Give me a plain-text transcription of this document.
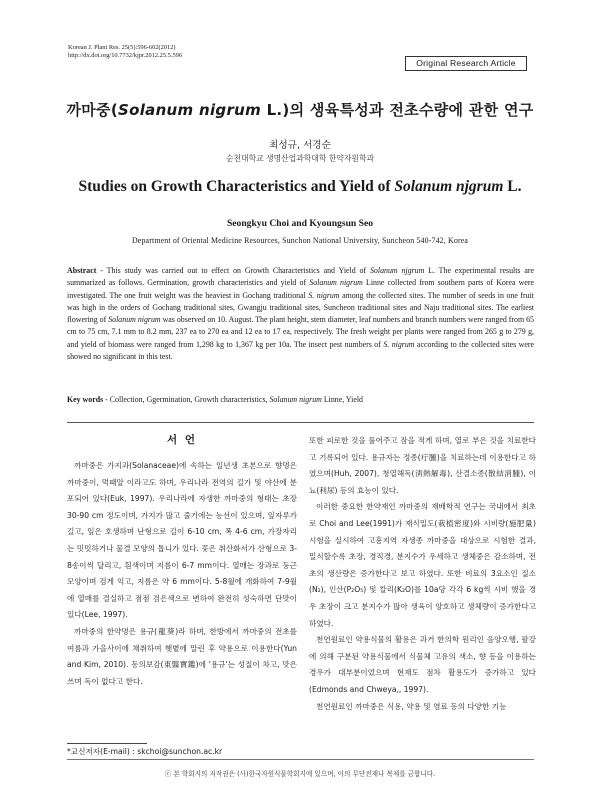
Korean J. Plant Res. 25(5):596-602(2012)
http://dx.doi.org/10.7732/kjpr.2012.25.5.596
Original Research Article
까마중(Solanum nigrum L.)의 생육특성과 전초수량에 관한 연구
최성규, 서경순
순천대학교 생명산업과학대학 한약자원학과
Studies on Growth Characteristics and Yield of Solanum njgrum L.
Seongkyu Choi and Kyoungsun Seo
Department of Oriental Medicine Resources, Sunchon National University, Suncheon 540-742, Korea
Abstract - This study was carried out to effect on Growth Characteristics and Yield of Solanum njgrum L. The experimental results are summarized as follows. Germination, growth characteristics and yield of Solanum nigrum Linne collected from southern parts of Korea were investigated. The one fruit weight was the heaviest in Gochang traditional S. nigrum among the collected sites. The number of seeds in one fruit was high in the orders of Gochang traditional sites, Gwangju traditional sites, Suncheon traditional sites and Naju traditional sites. The earliest flowering of Solanum nigrum was observed on 10. August. The plant height, stem diameter, leaf numbers and branch numbers were ranged from 65 cm to 75 cm, 7.1 mm to 8.2 mm, 237 ea to 270 ea and 12 ea to 17 ea, respectively. The fresh weight per plants were ranged from 265 g to 279 g, and yield of biomass were ranged from 1,298 kg to 1,367 kg per 10a. The insect pest numbers of S. nigrum according to the collected sites were showed no significant in this test.
Key words - Collection, Ggermination, Growth characteristics, Solanum nigrum Linne, Yield
서 언

까마중은 가지과(Solanaceae)에 속하는 일년생 초본으로 향명은 까마중이, 먹때알 이라고도 하며, 우리나라 전역의 길가 및 야산에 분포되어 있다(Euk, 1997). 우리나라에 자생한 까마중의 형태는 초장 30-90 cm 정도이며, 가지가 많고 줄기에는 능선이 있으며, 잎자루가 길고, 잎은 호생하며 난형으로 길이 6-10 cm, 폭 4-6 cm, 가장자리는 밋밋하거나 물결 모양의 톱니가 있다. 꽃은 취산화서가 산형으로 3-8송이씩 달리고, 흰색이며 지름이 6-7 mm이다. 열매는 장과로 둥근 모양이며 검게 익고, 지름은 약 6 mm이다. 5-8월에 개화하여 7-9월에 열매를 결실하고 점점 검은색으로 변하여 완전히 성숙하면 단맛이 있다(Lee, 1997).

까마중의 한약명은 용규(龍葵)라 하며, 한방에서 까마중의 전초를 여름과 가을사이에 채취하여 햇볕에 말린 후 약용으로 이용한다(Yun and Kim, 2010). 동의보감(東醫寶鑑)에 '용규'는 성질이 차고, 맛은 쓰며 독이 없다고 한다.

또한 피로한 것을 풀어주고 잠을 적게 하며, 열로 부은 것을 치료한다고 기록되어 있다. 용규자는 정종(疔腫)을 치료하는데 이용한다고 하였으며(Huh, 2007), 청열해독(淸熱解毒), 산결소종(散結消腫), 이뇨(利尿) 등의 효능이 있다.

이러한 중요한 한약재인 까마중의 재배학적 연구는 국내에서 최초로 Choi and Lee(1991)가 재식밀도(栽植密度)와 시비량(施肥量)시험을 실시하여 고흥지역 자생종 까마중을 대상으로 시험한 결과, 밀식할수록 초장, 경직경, 분지수가 우세하고 생체중은 감소하며, 전초의 생산량은 증가한다고 보고 하였다. 또한 비료의 3요소인 질소(N₂), 인산(P₂O₅) 및 칼리(K₂O)를 10a당 각각 6 kg씩 시비 했을 경우 초장이 크고 분지수가 많아 생육이 양호하고 생체량이 증가한다고 하였다.

천연원료인 약용식물의 활용은 과거 한의학 원리인 음양오행, 팔강에 의해 구분된 약용식물에서 식물체 고유의 색소, 향 등을 이용하는 경우가 대부분이었으며 현재도 점차 활용도가 증가하고 있다(Edmonds and Chweya,, 1997).

천연원료인 까마중은 식용, 약용 및 염료 등의 다양한 기능

*교신저자(E-mail) : skchoi@sunchon.ac.kr
ⓒ 본 학회지의 저작권은 (사)한국자원식물학회지에 있으며, 이의 무단전재나 복제를 금합니다.
